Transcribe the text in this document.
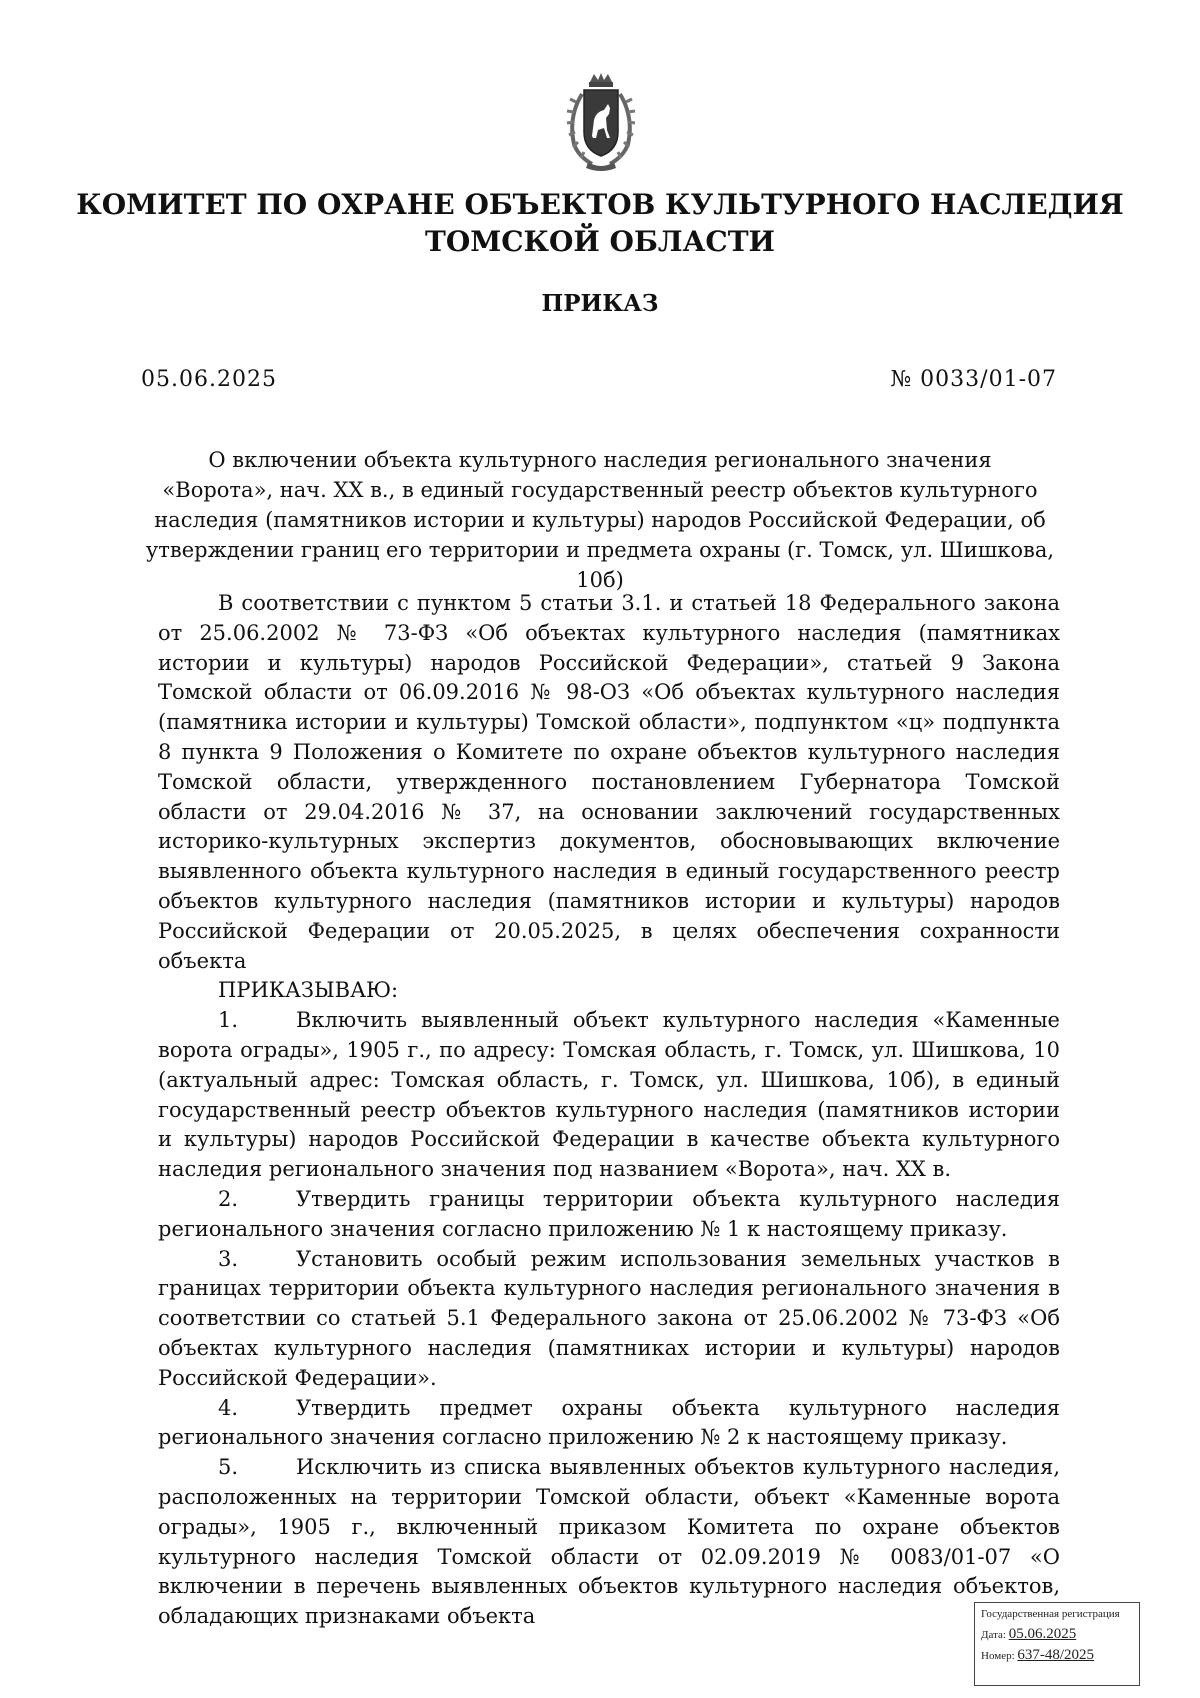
КОМИТЕТ ПО ОХРАНЕ ОБЪЕКТОВ КУЛЬТУРНОГО НАСЛЕДИЯ
ТОМСКОЙ ОБЛАСТИ
ПРИКАЗ
05.06.2025	№ 0033/01-07
О включении объекта культурного наследия регионального значения
«Ворота», нач. XX в., в единый государственный реестр объектов культурного
наследия (памятников истории и культуры) народов Российской Федерации, об
утверждении границ его территории и предмета охраны (г. Томск, ул. Шишкова, 10б)

В соответствии с пунктом 5 статьи 3.1. и статьей 18 Федерального закона от 25.06.2002 № 73-ФЗ «Об объектах культурного наследия (памятниках истории и культуры) народов Российской Федерации», статьей 9 Закона Томской области от 06.09.2016 № 98-ОЗ «Об объектах культурного наследия (памятника истории и культуры) Томской области», подпунктом «ц» подпункта 8 пункта 9 Положения о Комитете по охране объектов культурного наследия Томской области, утвержденного постановлением Губернатора Томской области от 29.04.2016 № 37, на основании заключений государственных историко-культурных экспертиз документов, обосновывающих включение выявленного объекта культурного наследия в единый государственного реестр объектов культурного наследия (памятников истории и культуры) народов Российской Федерации от 20.05.2025, в целях обеспечения сохранности объекта

ПРИКАЗЫВАЮ:

1.	Включить выявленный объект культурного наследия «Каменные ворота ограды», 1905 г., по адресу: Томская область, г. Томск, ул. Шишкова, 10 (актуальный адрес: Томская область, г. Томск, ул. Шишкова, 10б), в единый государственный реестр объектов культурного наследия (памятников истории и культуры) народов Российской Федерации в качестве объекта культурного наследия регионального значения под названием «Ворота», нач. XX в.

2.	Утвердить границы территории объекта культурного наследия регионального значения согласно приложению № 1 к настоящему приказу.

3.	Установить особый режим использования земельных участков в границах территории объекта культурного наследия регионального значения в соответствии со статьей 5.1 Федерального закона от 25.06.2002 № 73-ФЗ «Об объектах культурного наследия (памятниках истории и культуры) народов Российской Федерации».

4.	Утвердить предмет охраны объекта культурного наследия регионального значения согласно приложению № 2 к настоящему приказу.

5.	Исключить из списка выявленных объектов культурного наследия, расположенных на территории Томской области, объект «Каменные ворота ограды», 1905 г., включенный приказом Комитета по охране объектов культурного наследия Томской области от 02.09.2019 № 0083/01-07 «О включении в перечень выявленных объектов культурного наследия объектов, обладающих признаками объекта	Государственная регистрация
Дата: 05.06.2025
Номер: 637-48/2025
